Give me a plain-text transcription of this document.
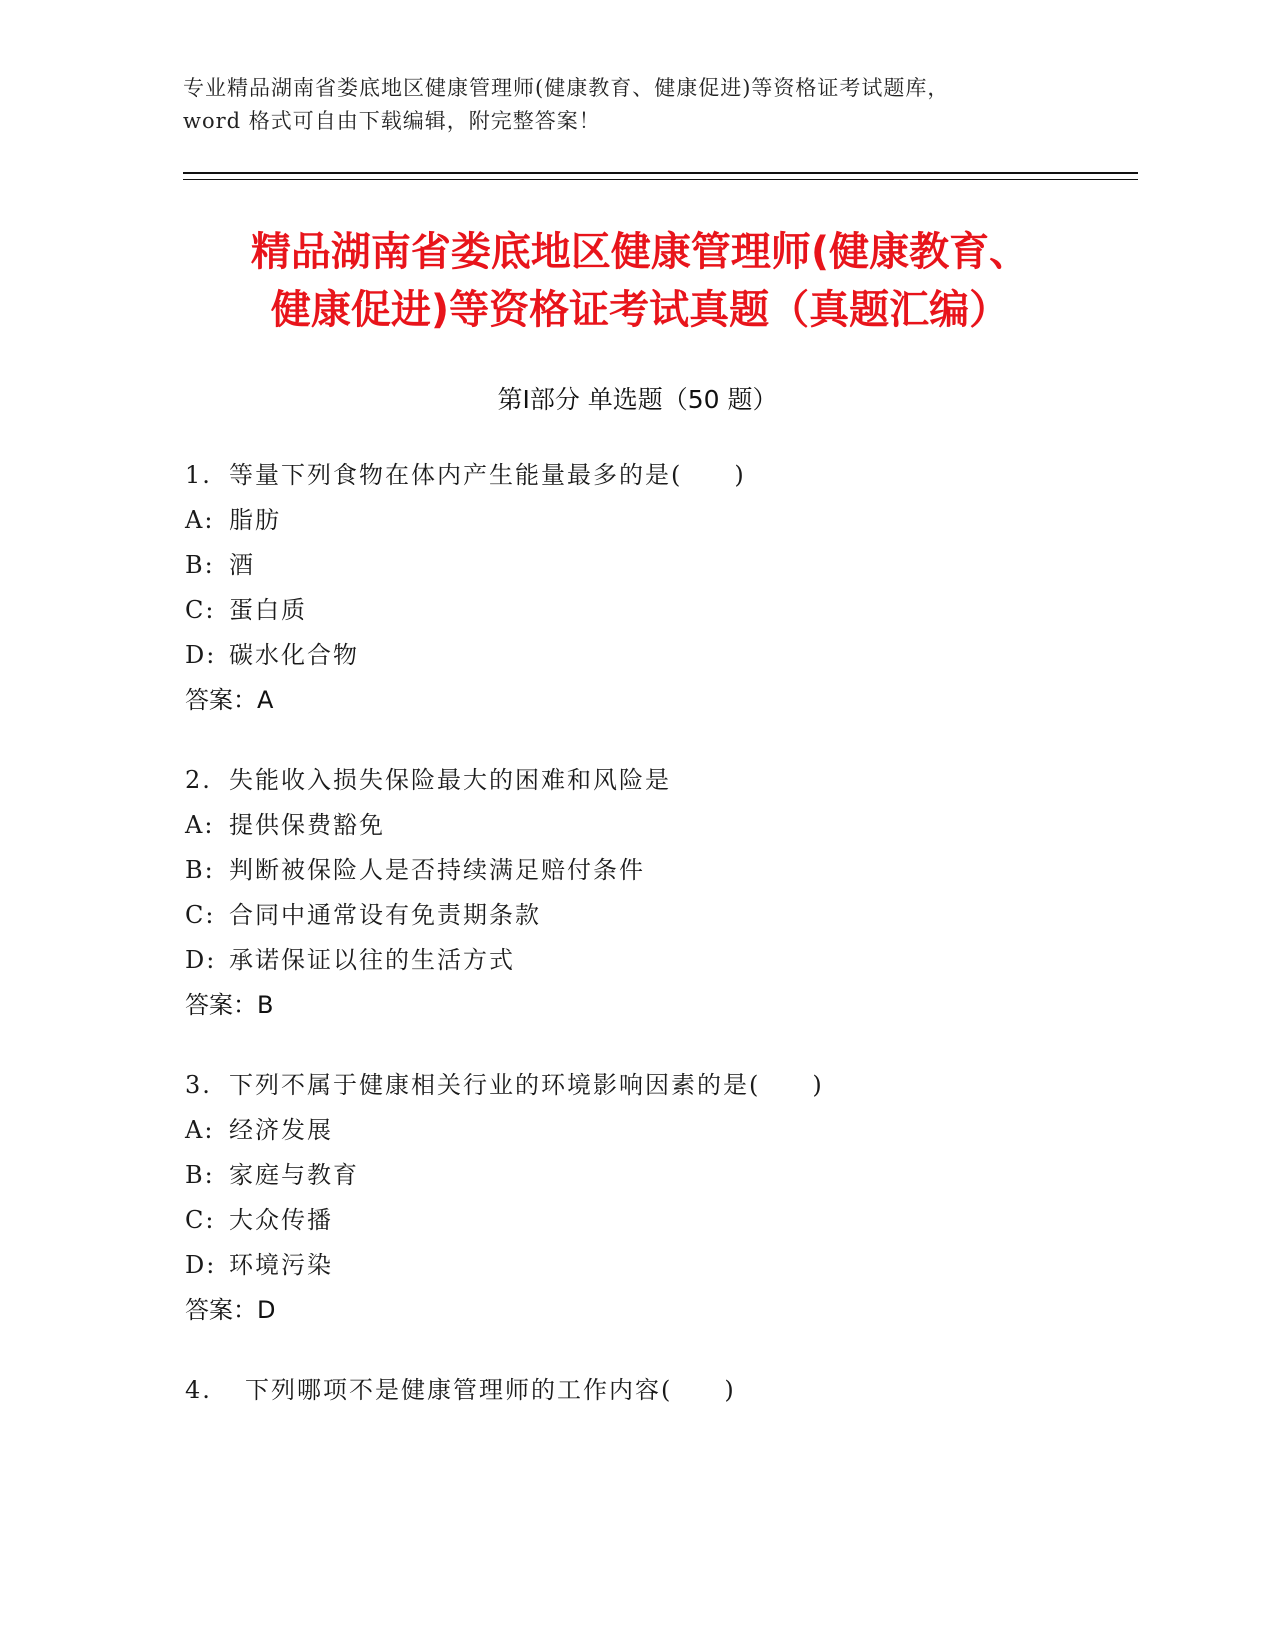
专业精品湖南省娄底地区健康管理师(健康教育、健康促进)等资格证考试题库，
word 格式可自由下载编辑，附完整答案！
精品湖南省娄底地区健康管理师(健康教育、
健康促进)等资格证考试真题（真题汇编）
第Ⅰ部分 单选题（50 题）
1. 等量下列食物在体内产生能量最多的是(　　)
A: 脂肪
B: 酒
C: 蛋白质
D: 碳水化合物
答案：A
2. 失能收入损失保险最大的困难和风险是
A: 提供保费豁免
B: 判断被保险人是否持续满足赔付条件
C: 合同中通常设有免责期条款
D: 承诺保证以往的生活方式
答案：B
3. 下列不属于健康相关行业的环境影响因素的是(　　)
A: 经济发展
B: 家庭与教育
C: 大众传播
D: 环境污染
答案：D
4. 下列哪项不是健康管理师的工作内容(　　)
